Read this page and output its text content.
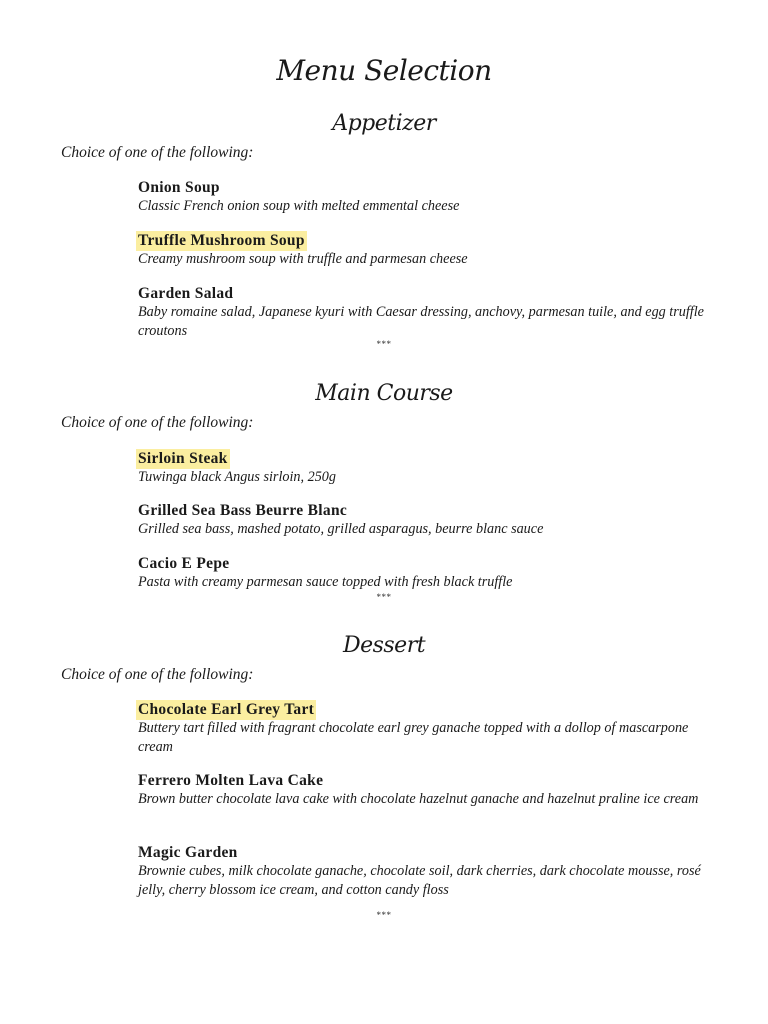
Menu Selection
Appetizer
Choice of one of the following:
Onion Soup
Classic French onion soup with melted emmental cheese
Truffle Mushroom Soup
Creamy mushroom soup with truffle and parmesan cheese
Garden Salad
Baby romaine salad, Japanese kyuri with Caesar dressing, anchovy, parmesan tuile, and egg truffle croutons
***
Main Course
Choice of one of the following:
Sirloin Steak
Tuwinga black Angus sirloin, 250g
Grilled Sea Bass Beurre Blanc
Grilled sea bass, mashed potato, grilled asparagus, beurre blanc sauce
Cacio E Pepe
Pasta with creamy parmesan sauce topped with fresh black truffle
***
Dessert
Choice of one of the following:
Chocolate Earl Grey Tart
Buttery tart filled with fragrant chocolate earl grey ganache topped with a dollop of mascarpone cream
Ferrero Molten Lava Cake
Brown butter chocolate lava cake with chocolate hazelnut ganache and hazelnut praline ice cream
Magic Garden
Brownie cubes, milk chocolate ganache, chocolate soil, dark cherries, dark chocolate mousse, rosé jelly, cherry blossom ice cream, and cotton candy floss
***
